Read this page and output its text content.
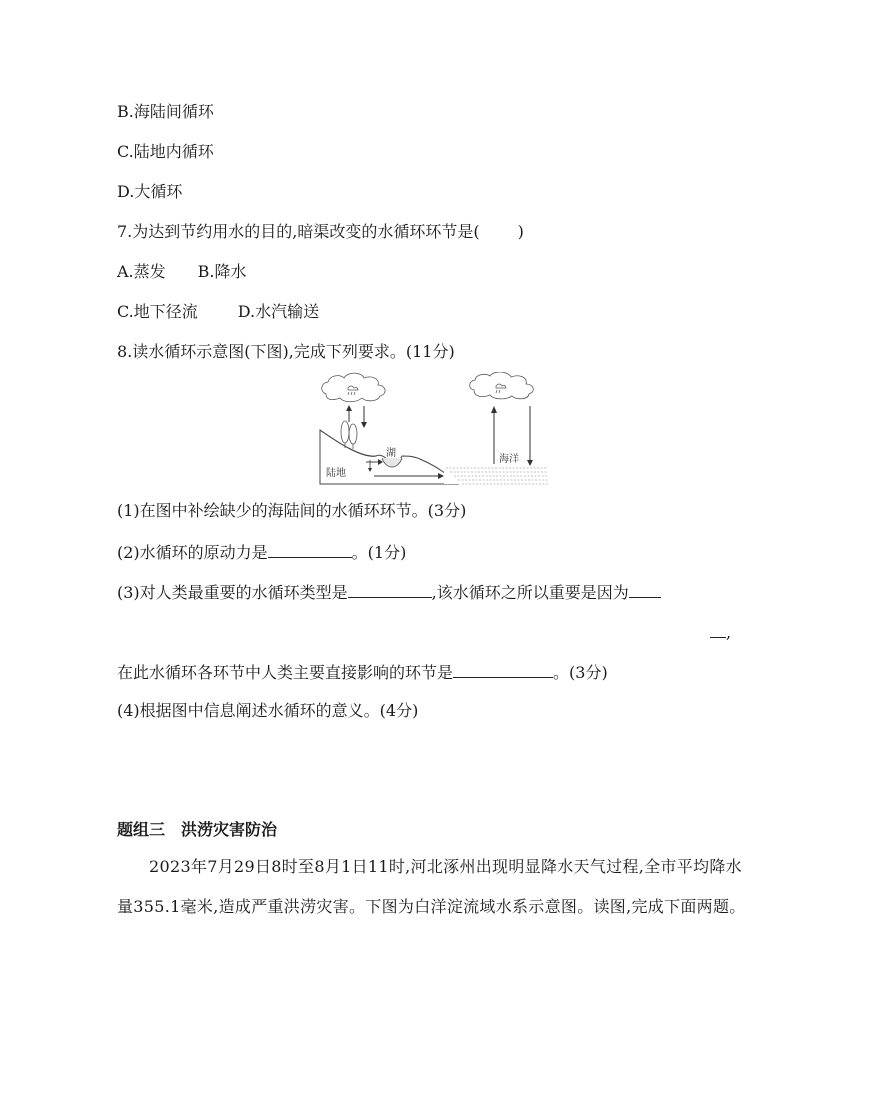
B.海陆间循环
C.陆地内循环
D.大循环
7.为达到节约用水的目的,暗渠改变的水循环环节是( )
A.蒸发 B.降水
C.地下径流	D.水汽输送
8.读水循环示意图(下图),完成下列要求。(11分)
湖
陆地
海洋
(1)在图中补绘缺少的海陆间的水循环环节。(3分)
(2)水循环的原动力是	。(1分)
(3)对人类最重要的水循环类型是	,该水循环之所以重要是因为
,
在此水循环各环节中人类主要直接影响的环节是	。(3分)
(4)根据图中信息阐述水循环的意义。(4分)
题组三　洪涝灾害防治
2023年7月29日8时至8月1日11时,河北涿州出现明显降水天气过程,全市平均降水量355.1毫米,造成严重洪涝灾害。下图为白洋淀流域水系示意图。读图,完成下面两题。
